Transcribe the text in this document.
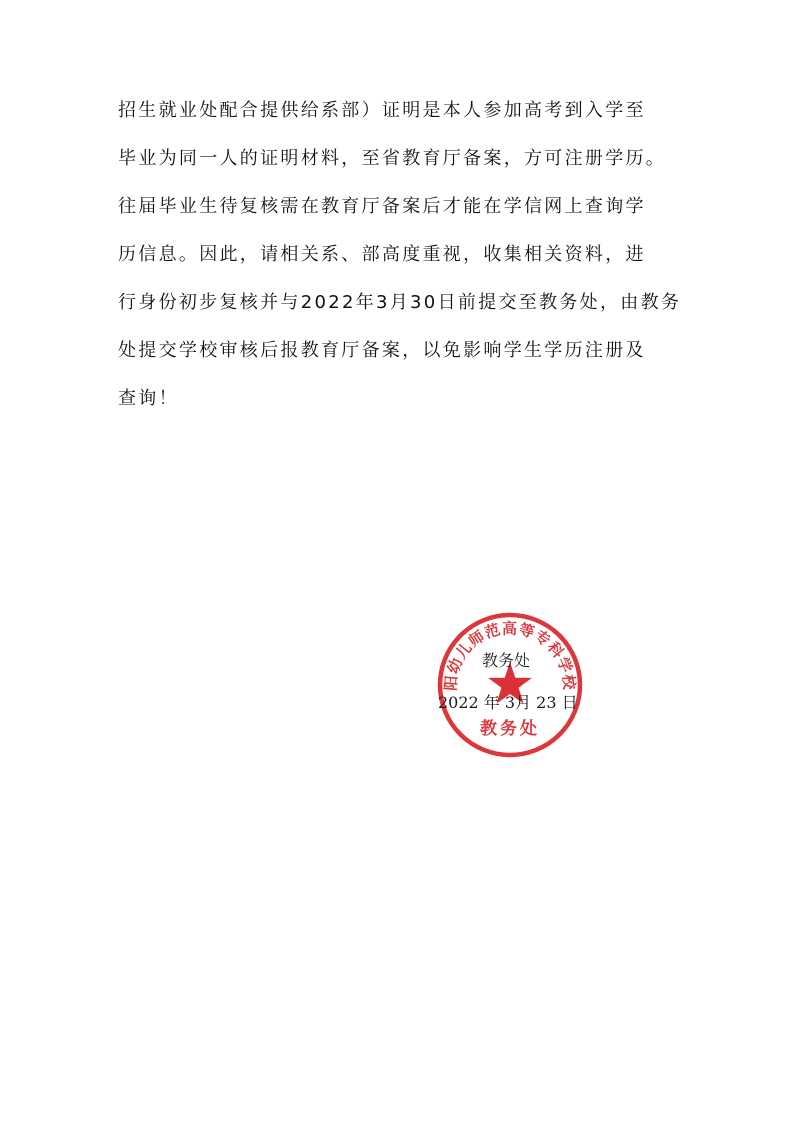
招生就业处配合提供给系部）证明是本人参加高考到入学至
毕业为同一人的证明材料，至省教育厅备案，方可注册学历。
往届毕业生待复核需在教育厅备案后才能在学信网上查询学
历信息。因此，请相关系、部高度重视，收集相关资料，进
行身份初步复核并与2022年3月30日前提交至教务处，由教务
处提交学校审核后报教育厅备案，以免影响学生学历注册及
查询！
阳幼儿师范高等专科学校
教务处
教务处
2022 年 3月 23 日
